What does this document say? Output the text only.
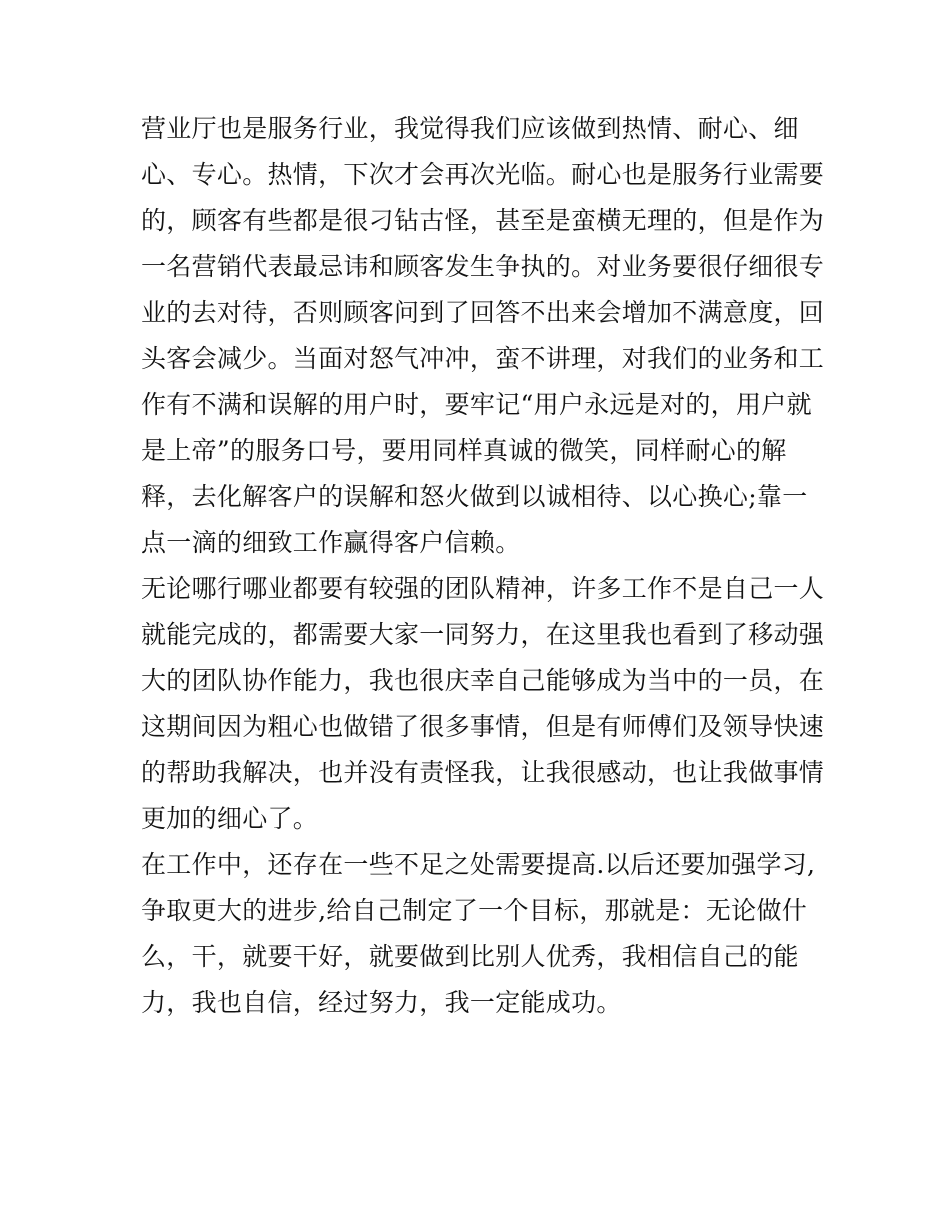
营业厅也是服务行业，我觉得我们应该做到热情、耐心、细
心、专心。热情，下次才会再次光临。耐心也是服务行业需要
的，顾客有些都是很刁钻古怪，甚至是蛮横无理的，但是作为
一名营销代表最忌讳和顾客发生争执的。对业务要很仔细很专
业的去对待，否则顾客问到了回答不出来会增加不满意度，回
头客会减少。当面对怒气冲冲，蛮不讲理，对我们的业务和工
作有不满和误解的用户时，要牢记“用户永远是对的，用户就
是上帝”的服务口号，要用同样真诚的微笑，同样耐心的解
释，去化解客户的误解和怒火做到以诚相待、以心换心;靠一
点一滴的细致工作赢得客户信赖。
无论哪行哪业都要有较强的团队精神，许多工作不是自己一人
就能完成的，都需要大家一同努力，在这里我也看到了移动强
大的团队协作能力，我也很庆幸自己能够成为当中的一员，在
这期间因为粗心也做错了很多事情，但是有师傅们及领导快速
的帮助我解决，也并没有责怪我，让我很感动，也让我做事情
更加的细心了。
在工作中，还存在一些不足之处需要提高.以后还要加强学习,
争取更大的进步,给自己制定了一个目标，那就是：无论做什
么，干，就要干好，就要做到比别人优秀，我相信自己的能
力，我也自信，经过努力，我一定能成功。
